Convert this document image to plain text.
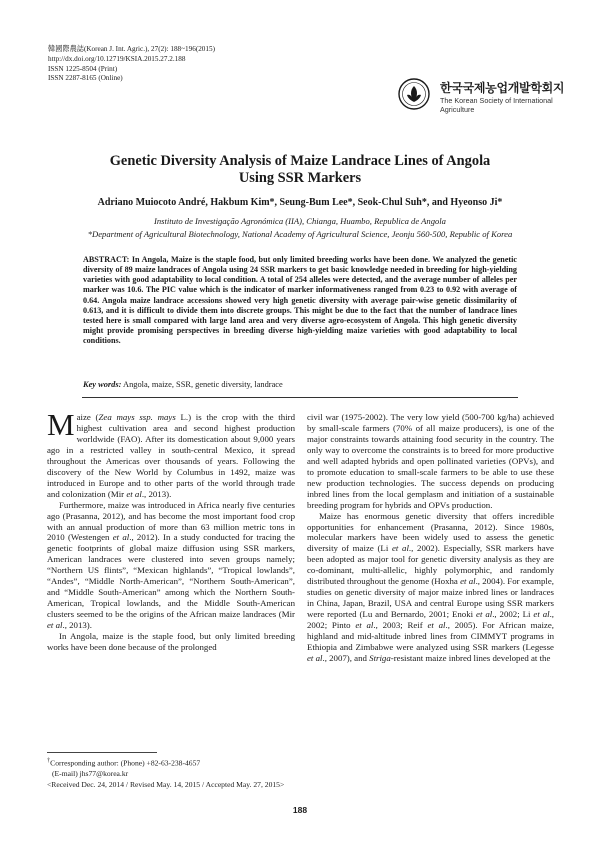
韓國際農誌(Korean J. Int. Agric.), 27(2): 188~196(2015)
http://dx.doi.org/10.12719/KSIA.2015.27.2.188
ISSN 1225-8504 (Print)
ISSN 2287-8165 (Online)
한국국제농업개발학회지
The Korean Society of International Agriculture
Genetic Diversity Analysis of Maize Landrace Lines of Angola
Using SSR Markers
Adriano Muiocoto André, Hakbum Kim*, Seung-Bum Lee*, Seok-Chul Suh*, and Hyeonso Ji*
Instituto de Investigação Agronómica (IIA), Chianga, Huambo, Republica de Angola
*Department of Agricultural Biotechnology, National Academy of Agricultural Science, Jeonju 560-500, Republic of Korea
ABSTRACT: In Angola, Maize is the staple food, but only limited breeding works have been done. We analyzed the genetic diversity of 89 maize landraces of Angola using 24 SSR markers to get basic knowledge needed in breeding for high-yielding varieties with good adaptability to local condition. A total of 254 alleles were detected, and the average number of alleles per marker was 10.6. The PIC value which is the indicator of marker informativeness ranged from 0.23 to 0.92 with average of 0.64. Angola maize landrace accessions showed very high genetic diversity with average pair-wise genetic dissimilarity of 0.613, and it is difficult to divide them into discrete groups. This might be due to the fact that the number of landrace lines tested here is small compared with large land area and very diverse agro-ecosystem of Angola. This high genetic diversity might provide promising perspectives in breeding diverse high-yielding maize varieties with good adaptability to local conditions.
Key words: Angola, maize, SSR, genetic diversity, landrace

Maize (Zea mays ssp. mays L.) is the crop with the third highest cultivation area and second highest production worldwide (FAO). After its domestication about 9,000 years ago in a restricted valley in south-central Mexico, it spread throughout the Americas over thousands of years. Following the discovery of the New World by Columbus in 1492, maize was introduced in Europe and to other parts of the world through trade and colonization (Mir et al., 2013).

Furthermore, maize was introduced in Africa nearly five centuries ago (Prasanna, 2012), and has become the most important food crop with an annual production of more than 63 million metric tons in 2010 (Westengen et al., 2012). In a study conducted for tracing the genetic footprints of global maize diffusion using SSR markers, American landraces were clustered into seven groups namely; “Northern US flints”, “Mexican highlands”, “Tropical lowlands”, “Andes”, “Middle North-American”, “Northern South-American”, and “Middle South-American” among which the Northern South-American, Tropical lowlands, and the Middle South-American clusters seemed to be the origins of the African maize landraces (Mir et al., 2013).

In Angola, maize is the staple food, but only limited breeding works have been done because of the prolonged

civil war (1975-2002). The very low yield (500-700 kg/ha) achieved by small-scale farmers (70% of all maize producers), is one of the major constraints towards attaining food security in the country. The only way to overcome the constraints is to breed for more productive and well adapted hybrids and open pollinated varieties (OPVs), and to promote education to small-scale farmers to be able to use these new production technologies. The success depends on producing inbred lines from the local gemplasm and initiation of a sustainable breeding program for hybrids and OPVs production.

Maize has enormous genetic diversity that offers incredible opportunities for enhancement (Prasanna, 2012). Since 1980s, molecular markers have been widely used to assess the genetic diversity of maize (Li et al., 2002). Especially, SSR markers have been adopted as major tool for genetic diversity analysis as they are co-dominant, multi-allelic, highly polymorphic, and randomly distributed throughout the genome (Hoxha et al., 2004). For example, studies on genetic diversity of major maize inbred lines or landraces in China, Japan, Brazil, USA and central Europe using SSR markers were reported (Lu and Bernardo, 2001; Enoki et al., 2002; Li et al., 2002; Pinto et al., 2003; Reif et al., 2005). For African maize, highland and mid-altitude inbred lines from CIMMYT programs in Ethiopia and Zimbabwe were analyzed using SSR markers (Legesse et al., 2007), and Striga-resistant maize inbred lines developed at the

†Corresponding author: (Phone) +82-63-238-4657
(E-mail) jhs77@korea.kr
<Received Dec. 24, 2014 / Revised May. 14, 2015 / Accepted May. 27, 2015>
188
